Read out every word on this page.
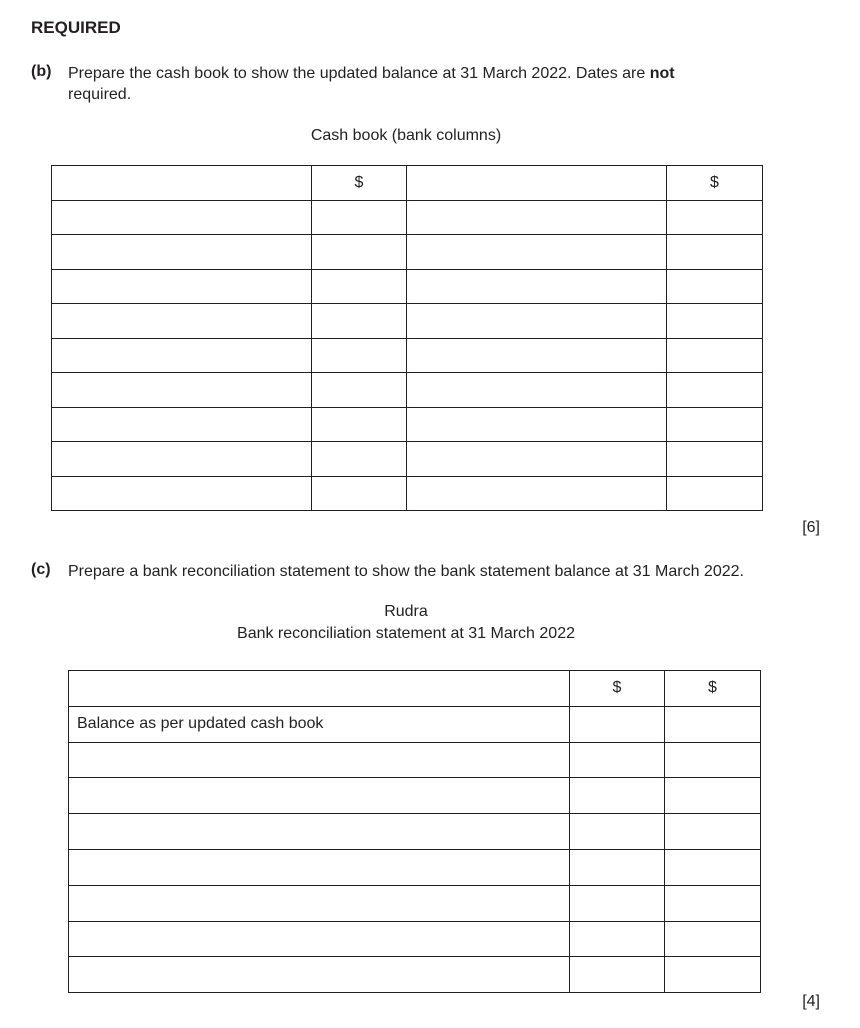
REQUIRED
(b) Prepare the cash book to show the updated balance at 31 March 2022. Dates are not
required.
Cash book (bank columns)
	$		$

[6]
(c) Prepare a bank reconciliation statement to show the bank statement balance at 31 March 2022.
Rudra
Bank reconciliation statement at 31 March 2022
	$	$
Balance as per updated cash book		

[4]
